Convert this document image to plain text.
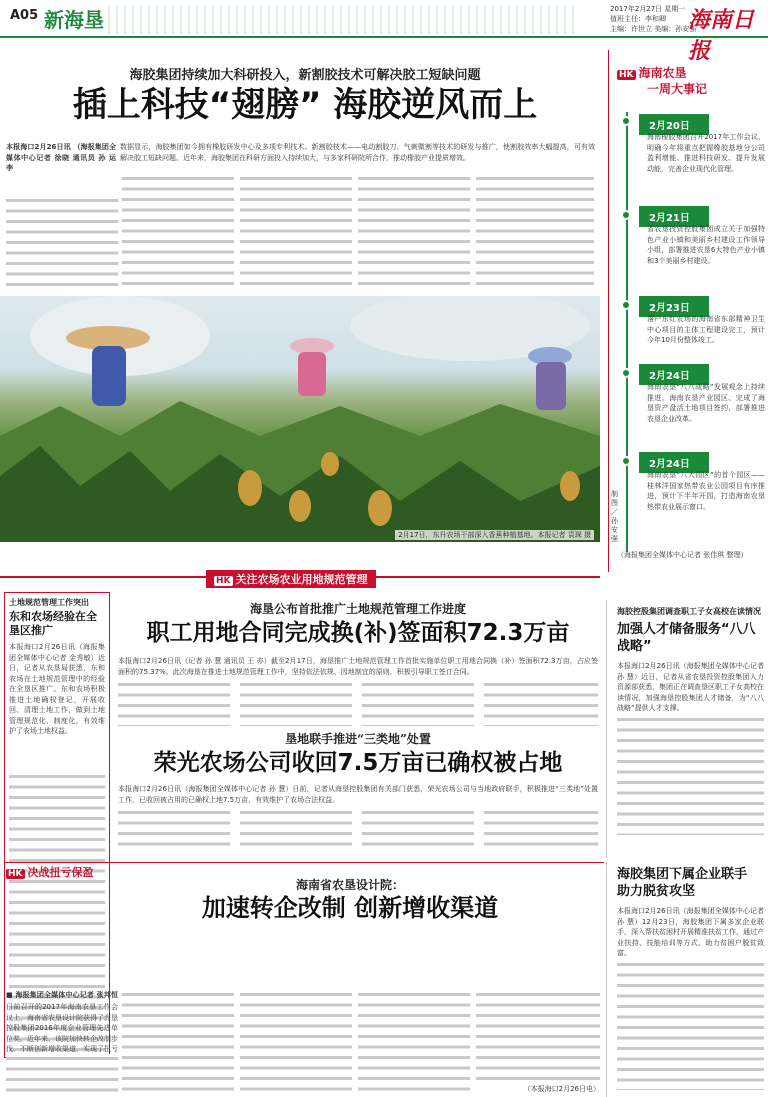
A05 新海垦	2017年2月27日 星期一
值班主任：李和卿
主编：许世立 美编：孙安强
海南日报
海胶集团持续加大科研投入，新割胶技术可解决胶工短缺问题
插上科技“翅膀” 海胶逆风而上
本报海口2月26日讯 （海报集团全媒体中心记者 徐晓 通讯员 孙 运 李
数据显示，海胶集团如今拥有橡胶研发中心及多项专利技术。新割胶技术——电动割胶刀、气刺微割等技术的研发与推广，使割胶效率大幅提高，可有效解决胶工短缺问题。近年来，海胶集团在科研方面投入持续加大，与多家科研院所合作，推动橡胶产业提质增效。
2月17日，东升农场干部深入香蕉种植基地。本报记者 袁琛 摄
HK 海南农垦
一周大事记
2月20日
海南橡胶集团召开2017年工作会议，明确今年将重点把握橡胶基地分公司盈利增能、推进科技研发、提升发展动能，完善企业现代化管理。
2月21日
省农垦投资控股集团成立关于加强特色产业小镇和美丽乡村建设工作领导小组，部署推进农垦6大特色产业小镇和3个美丽乡村建设。
2月23日
落户东红农场的海南省东部精神卫生中心项目的主体工程建设完工，预计今年10月份整体竣工。
2月24日
海南农垦“八八战略”发展观念上持续推进，海南农垦产业园区、完成了海垦资产盘活土地项目签约，部署推进农垦企业改革。
2月24日
海南农垦“八大园区”的首个园区——桂林洋国家热带农业公园项目有序推进，预计下半年开园，打造海南农垦热带农业展示窗口。
制图／孙安强
（海报集团全媒体中心记者 张佳琪 整理）
HK 关注农场农业用地规范管理
土地规范管理工作突出
东和农场经验在全垦区推广
本报海口2月26日讯（海报集团全媒体中心记者 金秀敏）近日，记者从农垦局获悉，东和农场在土地规范管理中的经验在全垦区推广。东和农场积极推进土地确权登记，开展收回、清理土地工作，做到土地管理规范化、制度化，有效维护了农场土地权益。
海垦公布首批推广土地规范管理工作进度
职工用地合同完成换(补)签面积72.3万亩
本报海口2月26日讯（记者 孙 慧 通讯员 王 亦）截至2月17日，海垦推广土地规范管理工作首批实施单位职工用地合同换（补）签面积72.3万亩，占应签面积的75.37%。此次海垦在推进土地规范管理工作中，坚持依法依规、因地制宜的原则，积极引导职工签订合同。
垦地联手推进“三类地”处置
荣光农场公司收回7.5万亩已确权被占地
本报海口2月26日讯（海报集团全媒体中心记者 孙 慧）日前，记者从海垦控股集团有关部门获悉，荣光农场公司与当地政府联手，积极推进“三类地”处置工作，已收回被占用的已确权土地7.5万亩，有效维护了农场合法权益。
海胶控股集团调查职工子女高校在读情况
加强人才储备服务“八八战略”
本报海口2月26日讯（海报集团全媒体中心记者 孙 慧）近日，记者从省农垦投资控股集团人力资源部获悉，集团正在调查垦区职工子女高校在读情况，加强海垦控股集团人才储备，为“八八战略”提供人才支撑。
海胶集团下属企业联手助力脱贫攻坚
本报海口2月26日讯（海报集团全媒体中心记者 孙 慧）12月23日，海胶集团下属多家企业联手，深入帮扶贫困村开展精准扶贫工作，通过产业扶持、技能培训等方式，助力贫困户脱贫致富。
HK 决战扭亏保盈
海南省农垦设计院：
加速转企改制 创新增收渠道
■ 海报集团全媒体中心记者 张邦恒
日前召开的2017年海南农垦工作会议上，海南省农垦设计院获得了海垦控股集团2016年度企业管理先进单位奖。近年来，该院加快转企改制步伐，不断创新增收渠道，实现了扭亏
（本报海口2月26日电）
